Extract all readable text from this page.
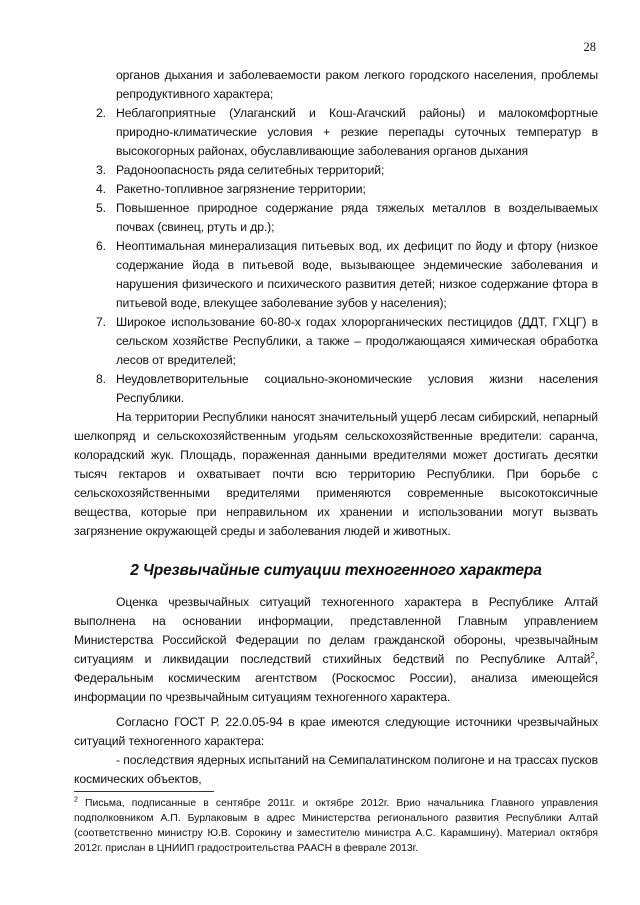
28

органов дыхания и заболеваемости раком легкого городского населения, проблемы репродуктивного характера;

2. Неблагоприятные (Улаганский и Кош-Агачский районы) и малокомфортные природно-климатические условия + резкие перепады суточных температур в высокогорных районах, обуславливающие заболевания органов дыхания
3. Радоноопасность ряда селитебных территорий;
4. Ракетно-топливное загрязнение территории;
5. Повышенное природное содержание ряда тяжелых металлов в возделываемых почвах (свинец, ртуть и др.);
6. Неоптимальная минерализация питьевых вод, их дефицит по йоду и фтору (низкое содержание йода в питьевой воде, вызывающее эндемические заболевания и нарушения физического и психического развития детей; низкое содержание фтора в питьевой воде, влекущее заболевание зубов у населения);
7. Широкое использование 60-80-х годах хлорорганических пестицидов (ДДТ, ГХЦГ) в сельском хозяйстве Республики, а также – продолжающаяся химическая обработка лесов от вредителей;
8. Неудовлетворительные социально-экономические условия жизни населения Республики.

На территории Республики наносят значительный ущерб лесам сибирский, непарный шелкопряд и сельскохозяйственным угодьям сельскохозяйственные вредители: саранча, колорадский жук. Площадь, пораженная данными вредителями может достигать десятки тысяч гектаров и охватывает почти всю территорию Республики. При борьбе с сельскохозяйственными вредителями применяются современные высокотоксичные вещества, которые при неправильном их хранении и использовании могут вызвать загрязнение окружающей среды и заболевания людей и животных.

2 Чрезвычайные ситуации техногенного характера

Оценка чрезвычайных ситуаций техногенного характера в Республике Алтай выполнена на основании информации, представленной Главным управлением Министерства Российской Федерации по делам гражданской обороны, чрезвычайным ситуациям и ликвидации последствий стихийных бедствий по Республике Алтай$^2$, Федеральным космическим агентством (Роскосмос России), анализа имеющейся информации по чрезвычайным ситуациям техногенного характера.

Согласно ГОСТ Р. 22.0.05-94 в крае имеются следующие источники чрезвычайных ситуаций техногенного характера:

- последствия ядерных испытаний на Семипалатинском полигоне и на трассах пусков космических объектов,

$^2$ Письма, подписанные в сентябре 2011г. и октябре 2012г. Врио начальника Главного управления подполковником А.П. Бурлаковым в адрес Министерства регионального развития Республики Алтай (соответственно министру Ю.В. Сорокину и заместителю министра А.С. Карамшину). Материал октября 2012г. прислан в ЦНИИП градостроительства РААСН в феврале 2013г.
